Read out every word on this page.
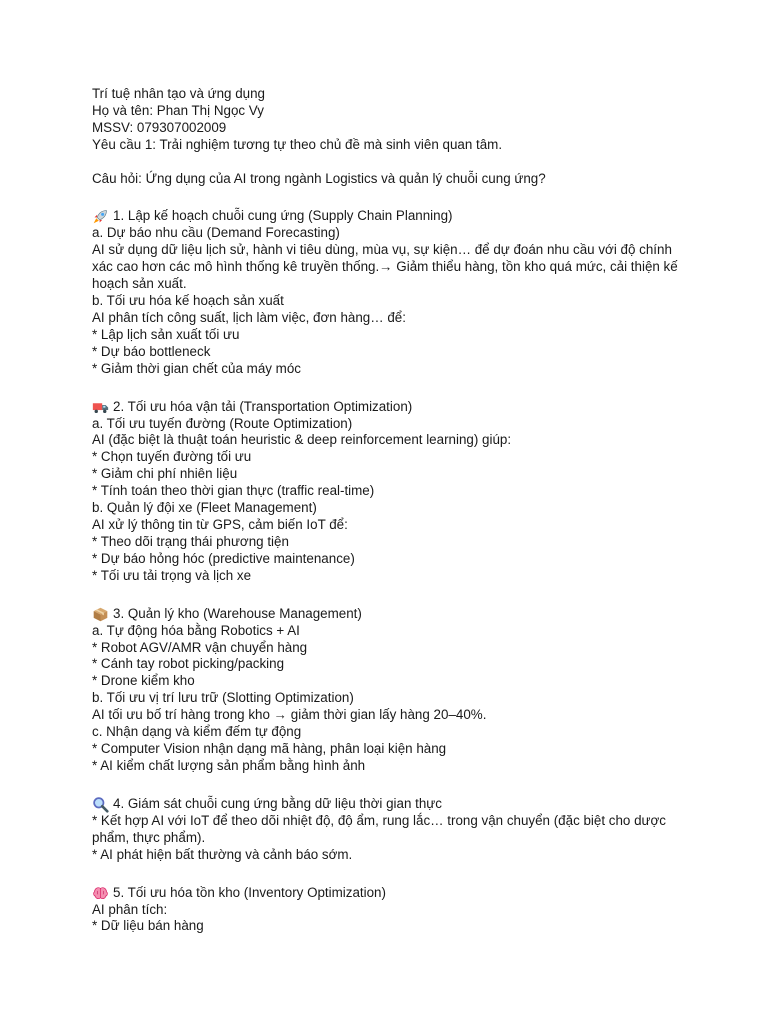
Trí tuệ nhân tạo và ứng dụng
Họ và tên: Phan Thị Ngọc Vy
MSSV: 079307002009
Yêu cầu 1: Trải nghiệm tương tự theo chủ đề mà sinh viên quan tâm.
Câu hỏi: Ứng dụng của AI trong ngành Logistics và quản lý chuỗi cung ứng?
1. Lập kế hoạch chuỗi cung ứng (Supply Chain Planning)
a. Dự báo nhu cầu (Demand Forecasting)
AI sử dụng dữ liệu lịch sử, hành vi tiêu dùng, mùa vụ, sự kiện… để dự đoán nhu cầu với độ chính xác cao hơn các mô hình thống kê truyền thống.→ Giảm thiểu hàng, tồn kho quá mức, cải thiện kế hoạch sản xuất.
b. Tối ưu hóa kế hoạch sản xuất
AI phân tích công suất, lịch làm việc, đơn hàng… để:
* Lập lịch sản xuất tối ưu
* Dự báo bottleneck
* Giảm thời gian chết của máy móc
2. Tối ưu hóa vận tải (Transportation Optimization)
a. Tối ưu tuyến đường (Route Optimization)
AI (đặc biệt là thuật toán heuristic & deep reinforcement learning) giúp:
* Chọn tuyến đường tối ưu
* Giảm chi phí nhiên liệu
* Tính toán theo thời gian thực (traffic real-time)
b. Quản lý đội xe (Fleet Management)
AI xử lý thông tin từ GPS, cảm biến IoT để:
* Theo dõi trạng thái phương tiện
* Dự báo hỏng hóc (predictive maintenance)
* Tối ưu tải trọng và lịch xe
3. Quản lý kho (Warehouse Management)
a. Tự động hóa bằng Robotics + AI
* Robot AGV/AMR vận chuyển hàng
* Cánh tay robot picking/packing
* Drone kiểm kho
b. Tối ưu vị trí lưu trữ (Slotting Optimization)
AI tối ưu bố trí hàng trong kho → giảm thời gian lấy hàng 20–40%.
c. Nhận dạng và kiểm đếm tự động
* Computer Vision nhận dạng mã hàng, phân loại kiện hàng
* AI kiểm chất lượng sản phẩm bằng hình ảnh
4. Giám sát chuỗi cung ứng bằng dữ liệu thời gian thực
* Kết hợp AI với IoT để theo dõi nhiệt độ, độ ẩm, rung lắc… trong vận chuyển (đặc biệt cho dược phẩm, thực phẩm).
* AI phát hiện bất thường và cảnh báo sớm.
5. Tối ưu hóa tồn kho (Inventory Optimization)
AI phân tích:
* Dữ liệu bán hàng
